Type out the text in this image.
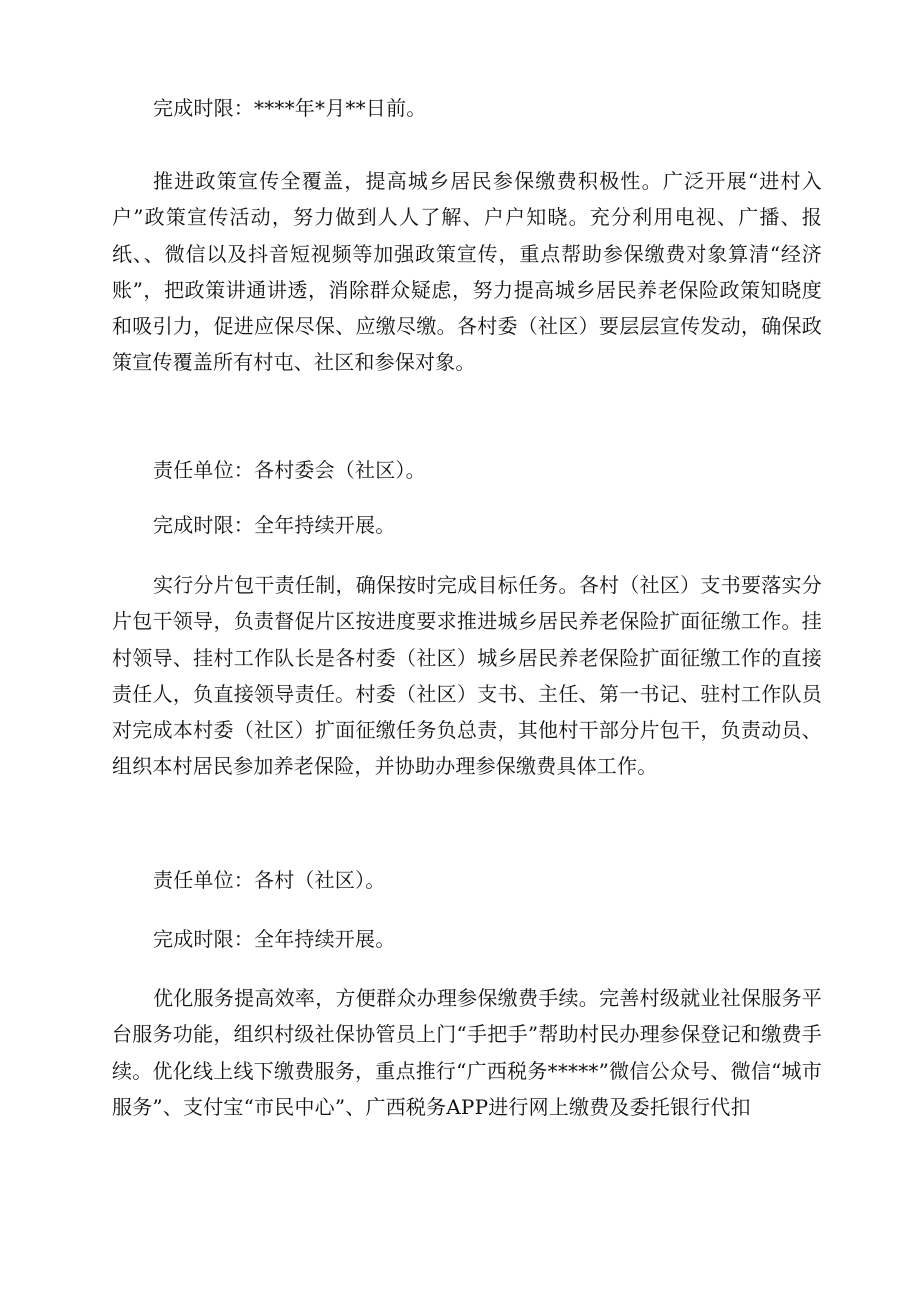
完成时限：****年*月**日前。

推进政策宣传全覆盖，提高城乡居民参保缴费积极性。广泛开展“进村入户”政策宣传活动，努力做到人人了解、户户知晓。充分利用电视、广播、报纸、、微信以及抖音短视频等加强政策宣传，重点帮助参保缴费对象算清“经济账”，把政策讲通讲透，消除群众疑虑，努力提高城乡居民养老保险政策知晓度和吸引力，促进应保尽保、应缴尽缴。各村委（社区）要层层宣传发动，确保政策宣传覆盖所有村屯、社区和参保对象。

责任单位：各村委会（社区）。

完成时限：全年持续开展。

实行分片包干责任制，确保按时完成目标任务。各村（社区）支书要落实分片包干领导，负责督促片区按进度要求推进城乡居民养老保险扩面征缴工作。挂村领导、挂村工作队长是各村委（社区）城乡居民养老保险扩面征缴工作的直接责任人，负直接领导责任。村委（社区）支书、主任、第一书记、驻村工作队员对完成本村委（社区）扩面征缴任务负总责，其他村干部分片包干，负责动员、组织本村居民参加养老保险，并协助办理参保缴费具体工作。

责任单位：各村（社区）。

完成时限：全年持续开展。

优化服务提高效率，方便群众办理参保缴费手续。完善村级就业社保服务平台服务功能，组织村级社保协管员上门“手把手”帮助村民办理参保登记和缴费手续。优化线上线下缴费服务，重点推行“广西税务*****”微信公众号、微信“城市服务”、支付宝“市民中心”、广西税务APP进行网上缴费及委托银行代扣
